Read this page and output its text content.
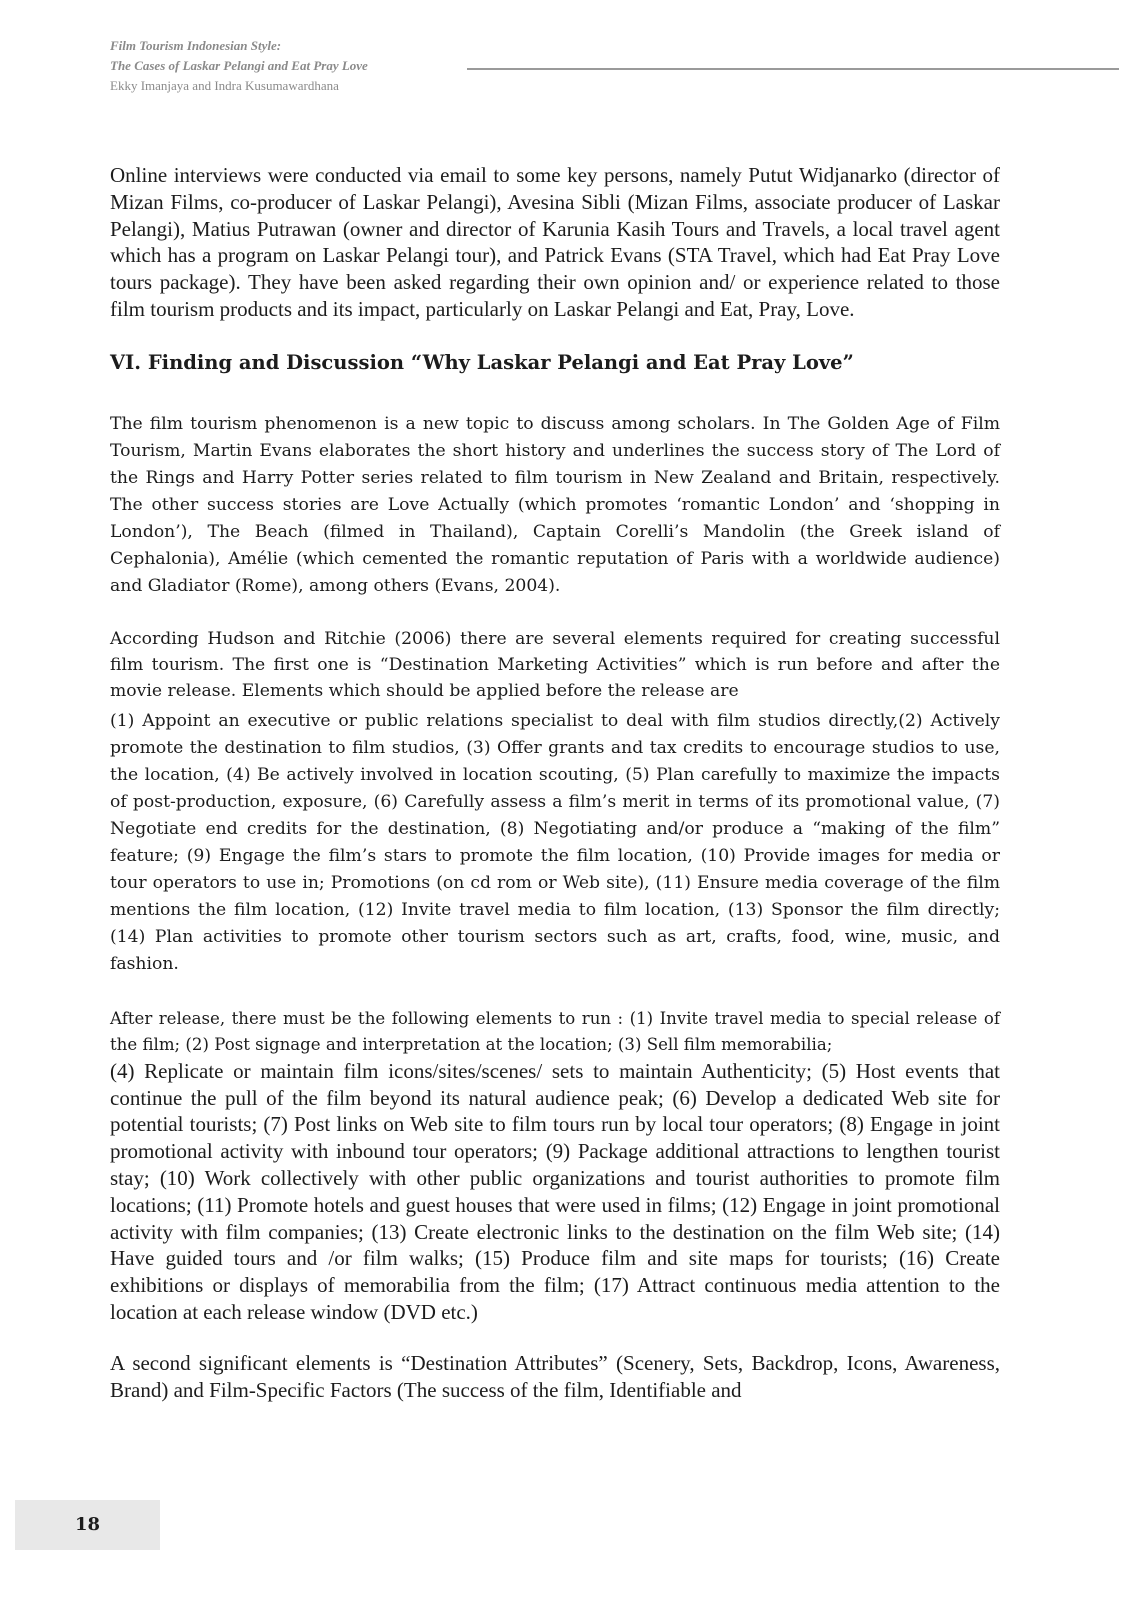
Film Tourism Indonesian Style:
The Cases of Laskar Pelangi and Eat Pray Love
Ekky Imanjaya and Indra Kusumawardhana

Online interviews were conducted via email to some key persons, namely Putut Widjanarko (director of Mizan Films, co-producer of Laskar Pelangi), Avesina Sibli (Mizan Films, associate producer of Laskar Pelangi), Matius Putrawan (owner and director of Karunia Kasih Tours and Travels, a local travel agent which has a program on Laskar Pelangi tour), and Patrick Evans (STA Travel, which had Eat Pray Love tours package). They have been asked regarding their own opinion and/ or experience related to those film tourism products and its impact, particularly on Laskar Pelangi and Eat, Pray, Love.

VI. Finding and Discussion “Why Laskar Pelangi and Eat Pray Love”

The film tourism phenomenon is a new topic to discuss among scholars. In The Golden Age of Film Tourism, Martin Evans elaborates the short history and underlines the success story of The Lord of the Rings and Harry Potter series related to film tourism in New Zealand and Britain, respectively. The other success stories are Love Actually (which promotes ‘romantic London’ and ‘shopping in London’), The Beach (filmed in Thailand), Captain Corelli’s Mandolin (the Greek island of Cephalonia), Amélie (which cemented the romantic reputation of Paris with a worldwide audience) and Gladiator (Rome), among others (Evans, 2004).

According Hudson and Ritchie (2006) there are several elements required for creating successful film tourism. The first one is “Destination Marketing Activities” which is run before and after the movie release. Elements which should be applied before the release are

(1) Appoint an executive or public relations specialist to deal with film studios directly,(2) Actively promote the destination to film studios, (3) Offer grants and tax credits to encourage studios to use, the location, (4) Be actively involved in location scouting, (5) Plan carefully to maximize the impacts of post-production, exposure, (6) Carefully assess a film’s merit in terms of its promotional value, (7) Negotiate end credits for the destination, (8) Negotiating and/or produce a “making of the film” feature; (9) Engage the film’s stars to promote the film location, (10) Provide images for media or tour operators to use in; Promotions (on cd rom or Web site), (11) Ensure media coverage of the film mentions the film location, (12) Invite travel media to film location, (13) Sponsor the film directly; (14) Plan activities to promote other tourism sectors such as art, crafts, food, wine, music, and fashion.

After release, there must be the following elements to run : (1) Invite travel media to special release of the film; (2) Post signage and interpretation at the location; (3) Sell film memorabilia;

(4) Replicate or maintain film icons/sites/scenes/ sets to maintain Authenticity; (5) Host events that continue the pull of the film beyond its natural audience peak; (6) Develop a dedicated Web site for potential tourists; (7) Post links on Web site to film tours run by local tour operators; (8) Engage in joint promotional activity with inbound tour operators; (9) Package additional attractions to lengthen tourist stay; (10) Work collectively with other public organizations and tourist authorities to promote film locations; (11) Promote hotels and guest houses that were used in films; (12) Engage in joint promotional activity with film companies; (13) Create electronic links to the destination on the film Web site; (14) Have guided tours and /or film walks; (15) Produce film and site maps for tourists; (16) Create exhibitions or displays of memorabilia from the film; (17) Attract continuous media attention to the location at each release window (DVD etc.)

A second significant elements is “Destination Attributes” (Scenery, Sets, Backdrop, Icons, Awareness, Brand) and Film-Specific Factors (The success of the film, Identifiable and

18
